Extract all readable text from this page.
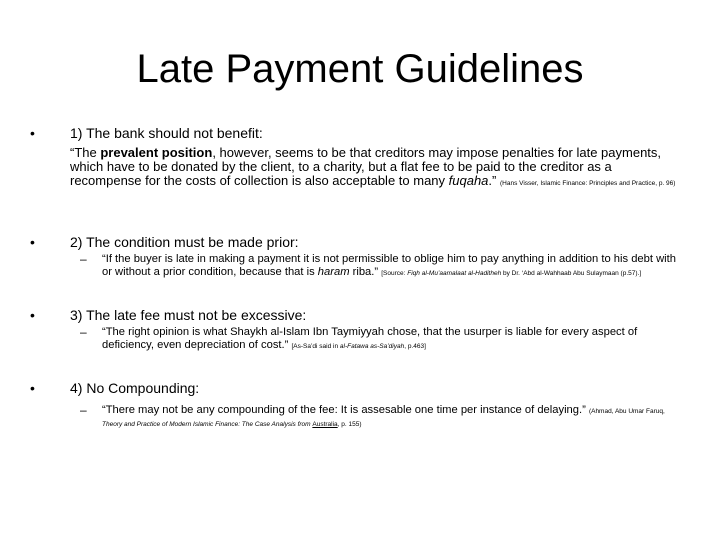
Late Payment Guidelines
•	1) The bank should not benefit:
“The prevalent position, however, seems to be that creditors may impose penalties for late payments, which have to be donated by the client, to a charity, but a flat fee to be paid to the creditor as a recompense for the costs of collection is also acceptable to many fuqaha.” (Hans Visser, Islamic Finance: Principles and Practice, p. 96)
•	2) The condition must be made prior:
– “If the buyer is late in making a payment it is not permissible to oblige him to pay anything in addition to his debt with or without a prior condition, because that is haram riba.” [Source: Fiqh al-Mu’aamalaat al-Haditheh by Dr. ‘Abd al-Wahhaab Abu Sulaymaan (p.57).]
•	3) The late fee must not be excessive:
– “The right opinion is what Shaykh al-Islam Ibn Taymiyyah chose, that the usurper is liable for every aspect of deficiency, even depreciation of cost.” [As-Sa’di said in al-Fatawa as-Sa’diyah, p.463]
•	4) No Compounding:
– “There may not be any compounding of the fee: It is assesable one time per instance of delaying.” (Ahmad, Abu Umar Faruq, Theory and Practice of Modern Islamic Finance: The Case Analysis from Australia, p. 155)
